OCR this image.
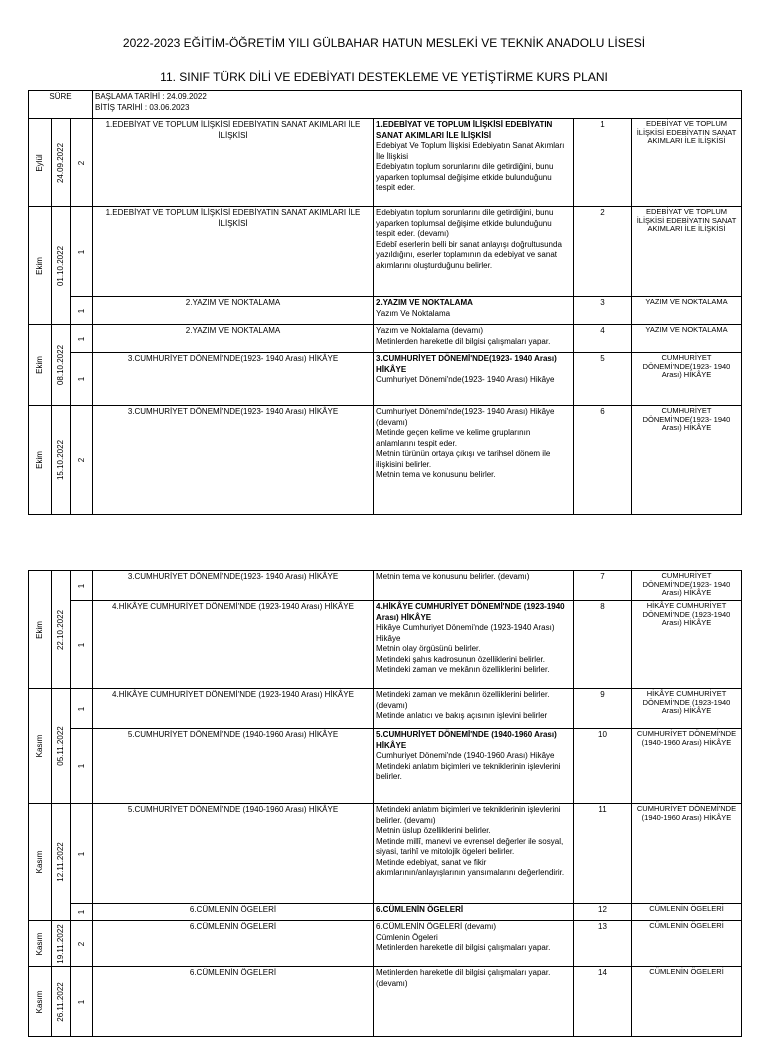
2022-2023 EĞİTİM-ÖĞRETİM YILI GÜLBAHAR HATUN MESLEKİ VE TEKNİK ANADOLU LİSESİ
11. SINIF TÜRK DİLİ VE EDEBİYATI DESTEKLEME VE YETİŞTİRME KURS PLANI
SÜRE			BAŞLAMA TARİHİ : 24.09.2022
BİTİŞ TARİHİ : 03.06.2023			

Eylül	24.09.2022	2	1.EDEBİYAT VE TOPLUM İLİŞKİSİ EDEBİYATIN SANAT AKIMLARI İLE İLİŞKİSİ	1.EDEBİYAT VE TOPLUM İLİŞKİSİ EDEBİYATIN SANAT AKIMLARI İLE İLİŞKİSİ
Edebiyat Ve Toplum İlişkisi Edebiyatın Sanat Akımları İle İlişkisi
Edebiyatın toplum sorunlarını dile getirdiğini, bunu yaparken toplumsal değişime etkide bulunduğunu tespit eder.	1	EDEBİYAT VE TOPLUM İLİŞKİSİ EDEBİYATIN SANAT AKIMLARI İLE İLİŞKİSİ

Ekim	01.10.2022	1	1.EDEBİYAT VE TOPLUM İLİŞKİSİ EDEBİYATIN SANAT AKIMLARI İLE İLİŞKİSİ	Edebiyatın toplum sorunlarını dile getirdiğini, bunu yaparken toplumsal değişime etkide bulunduğunu tespit eder. (devamı)
Edebî eserlerin belli bir sanat anlayışı doğrultusunda yazıldığını, eserler toplamının da edebiyat ve sanat akımlarını oluşturduğunu belirler.	2	EDEBİYAT VE TOPLUM İLİŞKİSİ EDEBİYATIN SANAT AKIMLARI İLE İLİŞKİSİ

		1	2.YAZIM VE NOKTALAMA	2.YAZIM VE NOKTALAMA
Yazım Ve Noktalama	3	YAZIM VE NOKTALAMA

Ekim	08.10.2022	1	2.YAZIM VE NOKTALAMA	Yazım ve Noktalama (devamı)
Metinlerden hareketle dil bilgisi çalışmaları yapar.	4	YAZIM VE NOKTALAMA

		1	3.CUMHURİYET DÖNEMİ'NDE(1923- 1940 Arası) HİKÂYE	3.CUMHURİYET DÖNEMİ'NDE(1923- 1940 Arası) HİKÂYE
Cumhuriyet Dönemi'nde(1923- 1940 Arası) Hikâye	5	CUMHURİYET DÖNEMİ'NDE(1923- 1940 Arası) HİKÂYE

Ekim	15.10.2022	2	3.CUMHURİYET DÖNEMİ'NDE(1923- 1940 Arası) HİKÂYE	Cumhuriyet Dönemi'nde(1923- 1940 Arası) Hikâye (devamı)
Metinde geçen kelime ve kelime gruplarının anlamlarını tespit eder.
Metnin türünün ortaya çıkışı ve tarihsel dönem ile ilişkisini belirler.
Metnin tema ve konusunu belirler.	6	CUMHURİYET DÖNEMİ'NDE(1923- 1940 Arası) HİKÂYE
Ekim	22.10.2022	1	3.CUMHURİYET DÖNEMİ'NDE(1923- 1940 Arası) HİKÂYE	Metnin tema ve konusunu belirler. (devamı)	7	CUMHURİYET DÖNEMİ'NDE(1923- 1940 Arası) HİKÂYE

		1	4.HİKÂYE CUMHURİYET DÖNEMİ'NDE (1923-1940 Arası) HİKÂYE	4.HİKÂYE CUMHURİYET DÖNEMİ'NDE (1923-1940 Arası) HİKÂYE
Hikâye Cumhuriyet Dönemi'nde (1923-1940 Arası) Hikâye
Metnin olay örgüsünü belirler.
Metindeki şahıs kadrosunun özelliklerini belirler.
Metindeki zaman ve mekânın özelliklerini belirler.	8	HİKÂYE CUMHURİYET DÖNEMİ'NDE (1923-1940 Arası) HİKÂYE

Kasım	05.11.2022	1	4.HİKÂYE CUMHURİYET DÖNEMİ'NDE (1923-1940 Arası) HİKÂYE	Metindeki zaman ve mekânın özelliklerini belirler. (devamı)
Metinde anlatıcı ve bakış açısının işlevini belirler	9	HİKÂYE CUMHURİYET DÖNEMİ'NDE (1923-1940 Arası) HİKÂYE

		1	5.CUMHURİYET DÖNEMİ'NDE (1940-1960 Arası) HİKÂYE	5.CUMHURİYET DÖNEMİ'NDE (1940-1960 Arası) HİKÂYE
Cumhuriyet Dönemi'nde (1940-1960 Arası) Hikâye
Metindeki anlatım biçimleri ve tekniklerinin işlevlerini belirler.	10	CUMHURİYET DÖNEMİ'NDE (1940-1960 Arası) HİKÂYE

Kasım	12.11.2022	1	5.CUMHURİYET DÖNEMİ'NDE (1940-1960 Arası) HİKÂYE	Metindeki anlatım biçimleri ve tekniklerinin işlevlerini belirler. (devamı)
Metnin üslup özelliklerini belirler.
Metinde millî, manevi ve evrensel değerler ile sosyal, siyasi, tarihî ve mitolojik ögeleri belirler.
Metinde edebiyat, sanat ve fikir akımlarının/anlayışlarının yansımalarını değerlendirir.	11	CUMHURİYET DÖNEMİ'NDE (1940-1960 Arası) HİKÂYE

		1	6.CÜMLENİN ÖGELERİ	6.CÜMLENİN ÖGELERİ	12	CÜMLENİN ÖGELERİ

Kasım	19.11.2022	2	6.CÜMLENİN ÖGELERİ	6.CÜMLENİN ÖGELERİ (devamı)
Cümlenin Ögeleri
Metinlerden hareketle dil bilgisi çalışmaları yapar.	13	CÜMLENİN ÖGELERİ

Kasım	26.11.2022	1	6.CÜMLENİN ÖGELERİ	Metinlerden hareketle dil bilgisi çalışmaları yapar. (devamı)	14	CÜMLENİN ÖGELERİ
